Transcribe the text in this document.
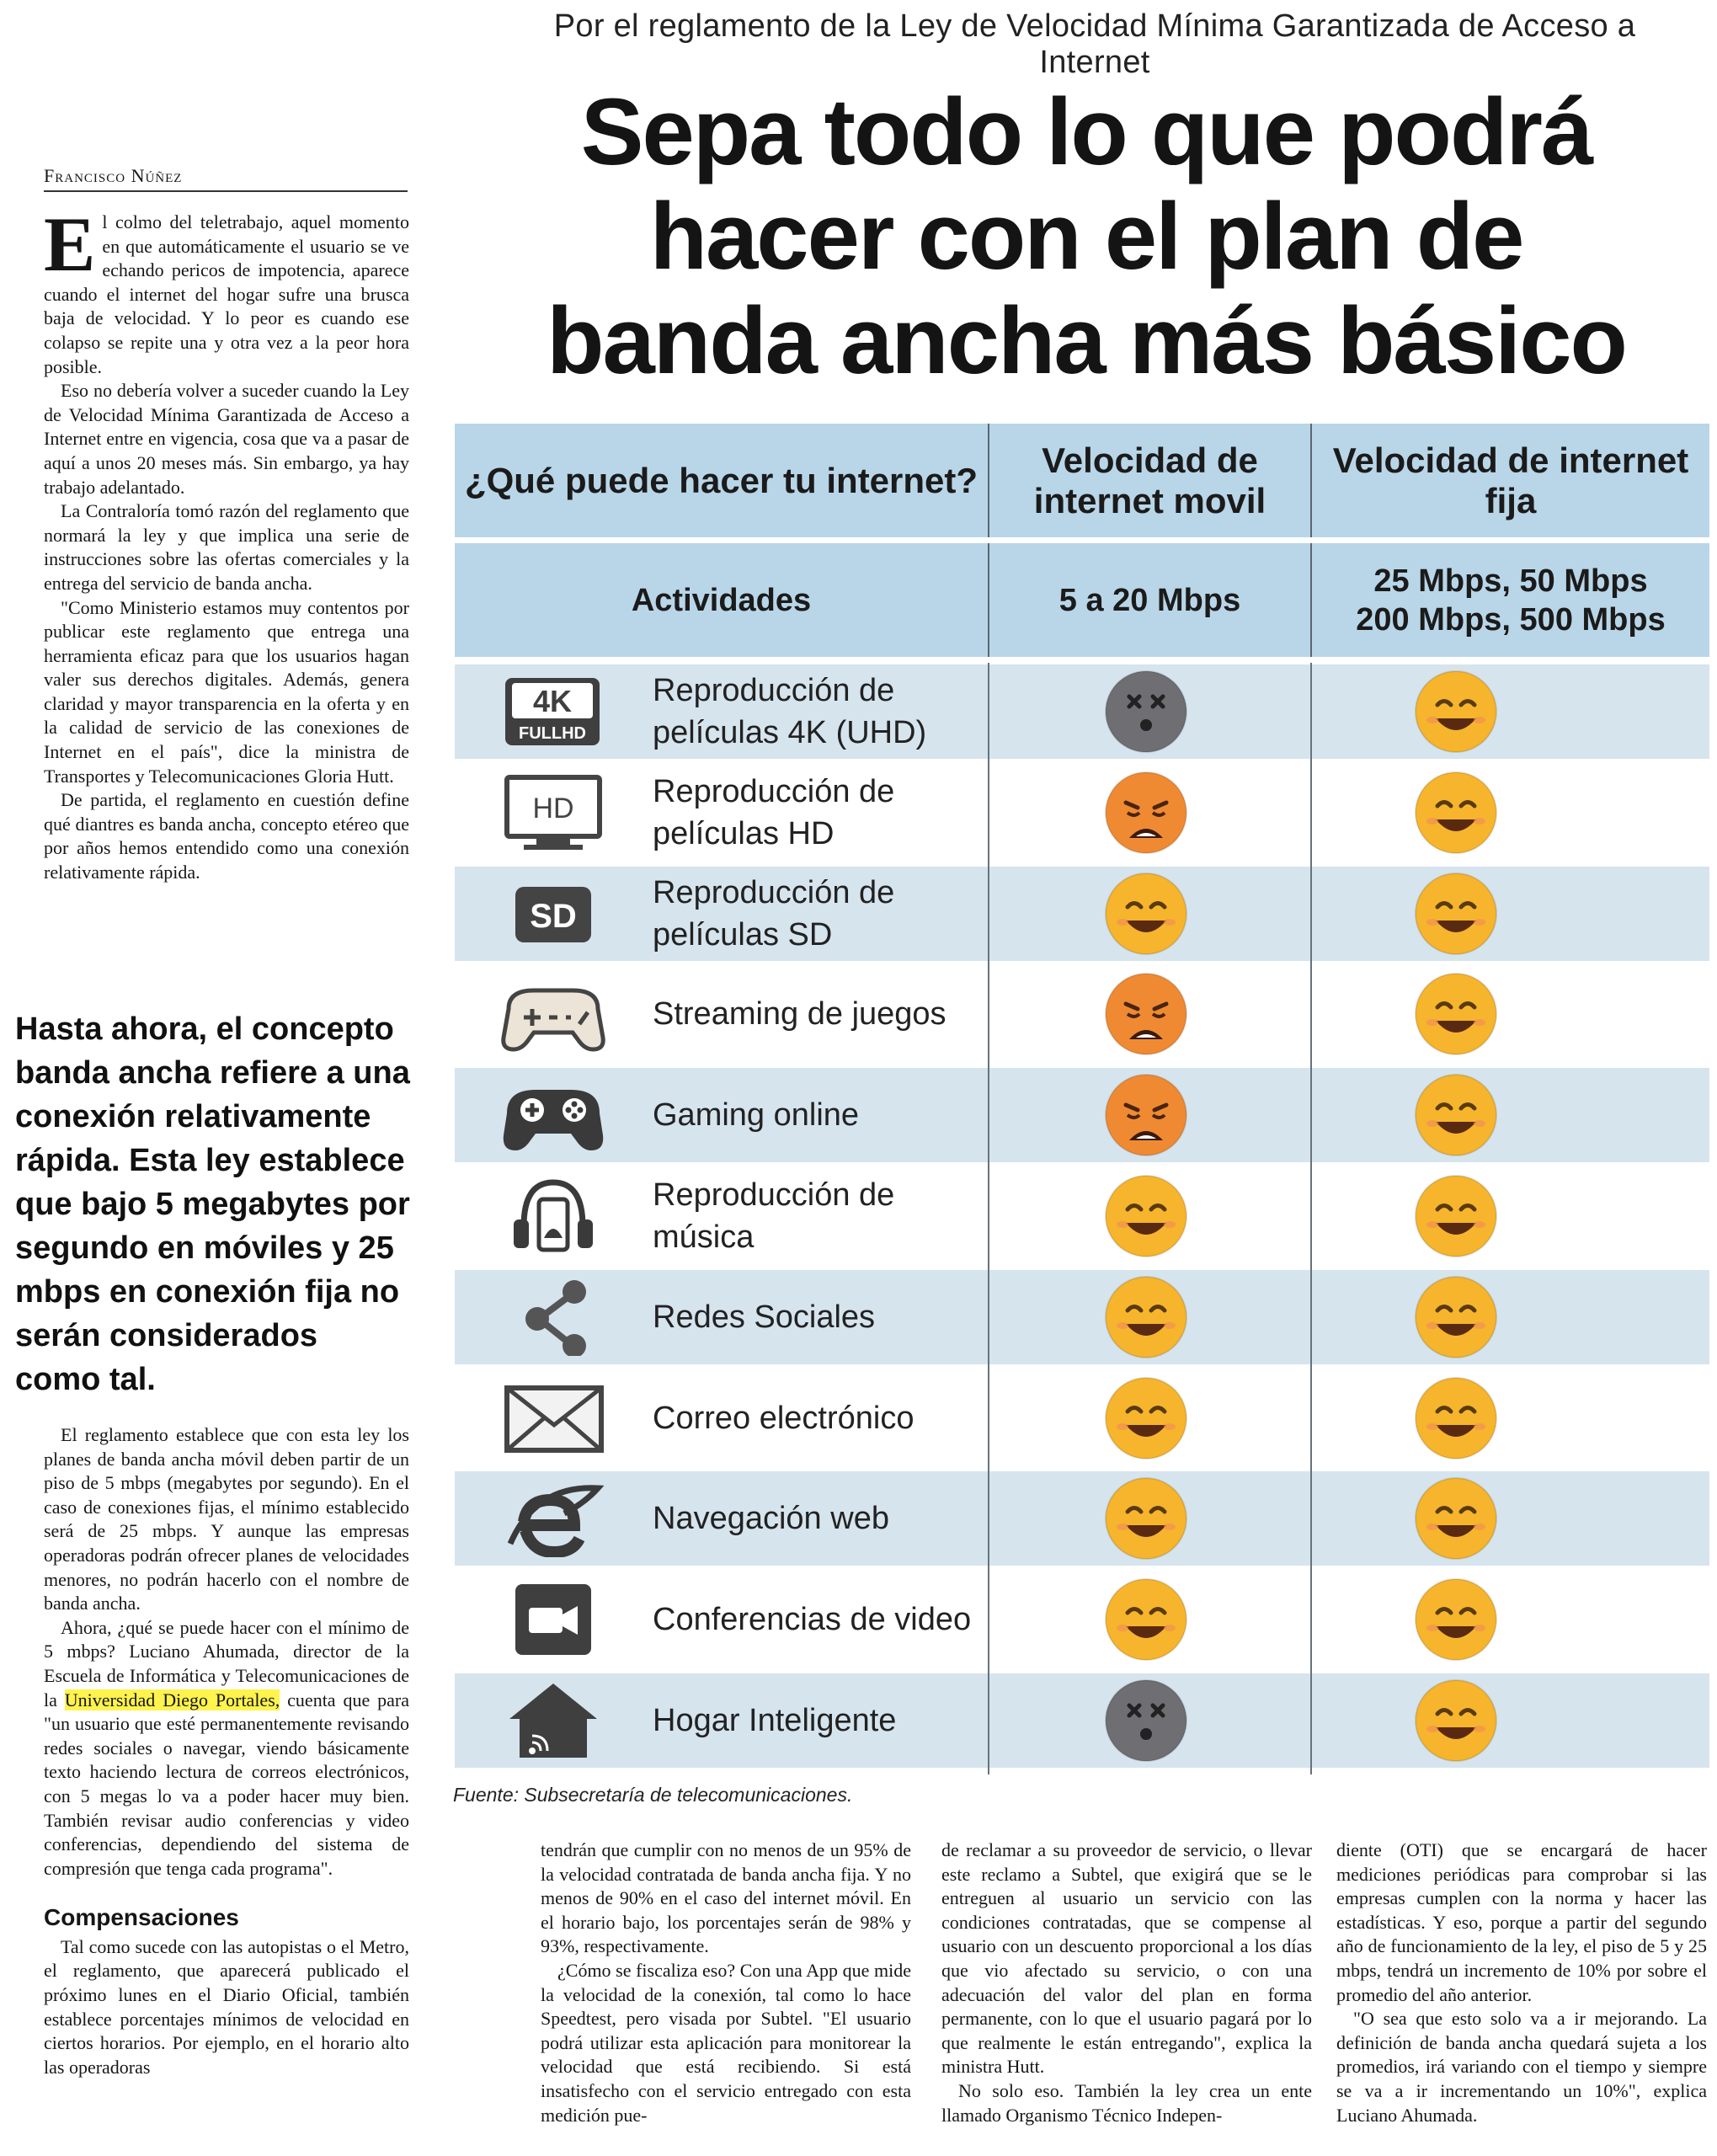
Por el reglamento de la Ley de Velocidad Mínima Garantizada de Acceso a Internet
Sepa todo lo que podrá hacer con el plan de banda ancha más básico
Francisco Núñez

El colmo del teletrabajo, aquel momento en que automáticamente el usuario se ve echando pericos de impotencia, aparece cuando el internet del hogar sufre una brusca baja de velocidad. Y lo peor es cuando ese colapso se repite una y otra vez a la peor hora posible.

Eso no debería volver a suceder cuando la Ley de Velocidad Mínima Garantizada de Acceso a Internet entre en vigencia, cosa que va a pasar de aquí a unos 20 meses más. Sin embargo, ya hay trabajo adelantado.

La Contraloría tomó razón del reglamento que normará la ley y que implica una serie de instrucciones sobre las ofertas comerciales y la entrega del servicio de banda ancha.

"Como Ministerio estamos muy contentos por publicar este reglamento que entrega una herramienta eficaz para que los usuarios hagan valer sus derechos digitales. Además, genera claridad y mayor transparencia en la oferta y en la calidad de servicio de las conexiones de Internet en el país", dice la ministra de Transportes y Telecomunicaciones Gloria Hutt.

De partida, el reglamento en cuestión define qué diantres es banda ancha, concepto etéreo que por años hemos entendido como una conexión relativamente rápida.

Hasta ahora, el concepto banda ancha refiere a una conexión relativamente rápida. Esta ley establece que bajo 5 megabytes por segundo en móviles y 25 mbps en conexión fija no serán considerados como tal.

El reglamento establece que con esta ley los planes de banda ancha móvil deben partir de un piso de 5 mbps (megabytes por segundo). En el caso de conexiones fijas, el mínimo establecido será de 25 mbps. Y aunque las empresas operadoras podrán ofrecer planes de velocidades menores, no podrán hacerlo con el nombre de banda ancha.

Ahora, ¿qué se puede hacer con el mínimo de 5 mbps? Luciano Ahumada, director de la Escuela de Informática y Telecomunicaciones de la Universidad Diego Portales, cuenta que para "un usuario que esté permanentemente revisando redes sociales o navegar, viendo básicamente texto haciendo lectura de correos electrónicos, con 5 megas lo va a poder hacer muy bien. También revisar audio conferencias y video conferencias, dependiendo del sistema de compresión que tenga cada programa".

Compensaciones

Tal como sucede con las autopistas o el Metro, el reglamento, que aparecerá publicado el próximo lunes en el Diario Oficial, también establece porcentajes mínimos de velocidad en ciertos horarios. Por ejemplo, en el horario alto las operadoras

¿Qué puede hacer tu internet?
Velocidad de internet movil
Velocidad de internet fija
Actividades	5 a 20 Mbps
25 Mbps, 50 Mbps
200 Mbps, 500 Mbps
4K
FULLHD
Reproducción de películas 4K (UHD)
HD Reproducción de películas HD
SD
Reproducción de películas SD
Streaming de juegos
Gaming online
Reproducción de música
Redes Sociales
Correo electrónico
Navegación web
Conferencias de video
Hogar Inteligente
Fuente: Subsecretaría de telecomunicaciones.

tendrán que cumplir con no menos de un 95% de la velocidad contratada de banda ancha fija. Y no menos de 90% en el caso del internet móvil. En el horario bajo, los porcentajes serán de 98% y 93%, respectivamente.

¿Cómo se fiscaliza eso? Con una App que mide la velocidad de la conexión, tal como lo hace Speedtest, pero visada por Subtel. "El usuario podrá utilizar esta aplicación para monitorear la velocidad que está recibiendo. Si está insatisfecho con el servicio entregado con esta medición pue-

de reclamar a su proveedor de servicio, o llevar este reclamo a Subtel, que exigirá que se le entreguen al usuario un servicio con las condiciones contratadas, que se compense al usuario con un descuento proporcional a los días que vio afectado su servicio, o con una adecuación del valor del plan en forma permanente, con lo que el usuario pagará por lo que realmente le están entregando", explica la ministra Hutt.

No solo eso. También la ley crea un ente llamado Organismo Técnico Indepen-

diente (OTI) que se encargará de hacer mediciones periódicas para comprobar si las empresas cumplen con la norma y hacer las estadísticas. Y eso, porque a partir del segundo año de funcionamiento de la ley, el piso de 5 y 25 mbps, tendrá un incremento de 10% por sobre el promedio del año anterior.

"O sea que esto solo va a ir mejorando. La definición de banda ancha quedará sujeta a los promedios, irá variando con el tiempo y siempre se va a ir incrementando un 10%", explica Luciano Ahumada.
